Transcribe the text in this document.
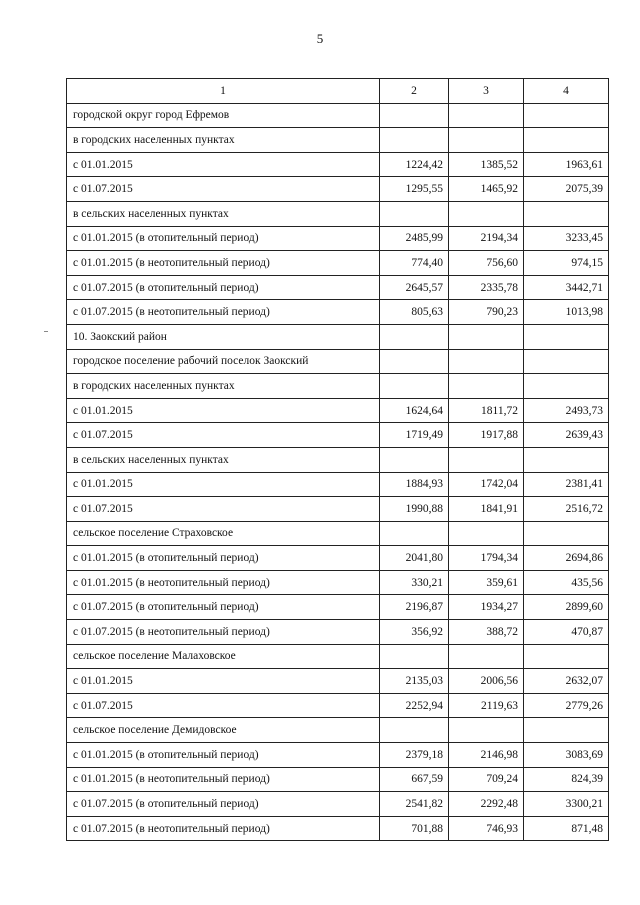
5
1	2	3	4
городской округ город Ефремов			
в городских населенных пунктах			
с 01.01.2015	1224,42	1385,52	1963,61
с 01.07.2015	1295,55	1465,92	2075,39
в сельских населенных пунктах			
с 01.01.2015 (в отопительный период)	2485,99	2194,34	3233,45
с 01.01.2015 (в неотопительный период)	774,40	756,60	974,15
с 01.07.2015 (в отопительный период)	2645,57	2335,78	3442,71
с 01.07.2015 (в неотопительный период)	805,63	790,23	1013,98
10. Заокский район			
городское поселение рабочий поселок Заокский			
в городских населенных пунктах			
с 01.01.2015	1624,64	1811,72	2493,73
с 01.07.2015	1719,49	1917,88	2639,43
в сельских населенных пунктах			
с 01.01.2015	1884,93	1742,04	2381,41
с 01.07.2015	1990,88	1841,91	2516,72
сельское поселение Страховское			
с 01.01.2015 (в отопительный период)	2041,80	1794,34	2694,86
с 01.01.2015 (в неотопительный период)	330,21	359,61	435,56
с 01.07.2015 (в отопительный период)	2196,87	1934,27	2899,60
с 01.07.2015 (в неотопительный период)	356,92	388,72	470,87
сельское поселение Малаховское			
с 01.01.2015	2135,03	2006,56	2632,07
с 01.07.2015	2252,94	2119,63	2779,26
сельское поселение Демидовское			
с 01.01.2015 (в отопительный период)	2379,18	2146,98	3083,69
с 01.01.2015 (в неотопительный период)	667,59	709,24	824,39
с 01.07.2015 (в отопительный период)	2541,82	2292,48	3300,21
с 01.07.2015 (в неотопительный период)	701,88	746,93	871,48
